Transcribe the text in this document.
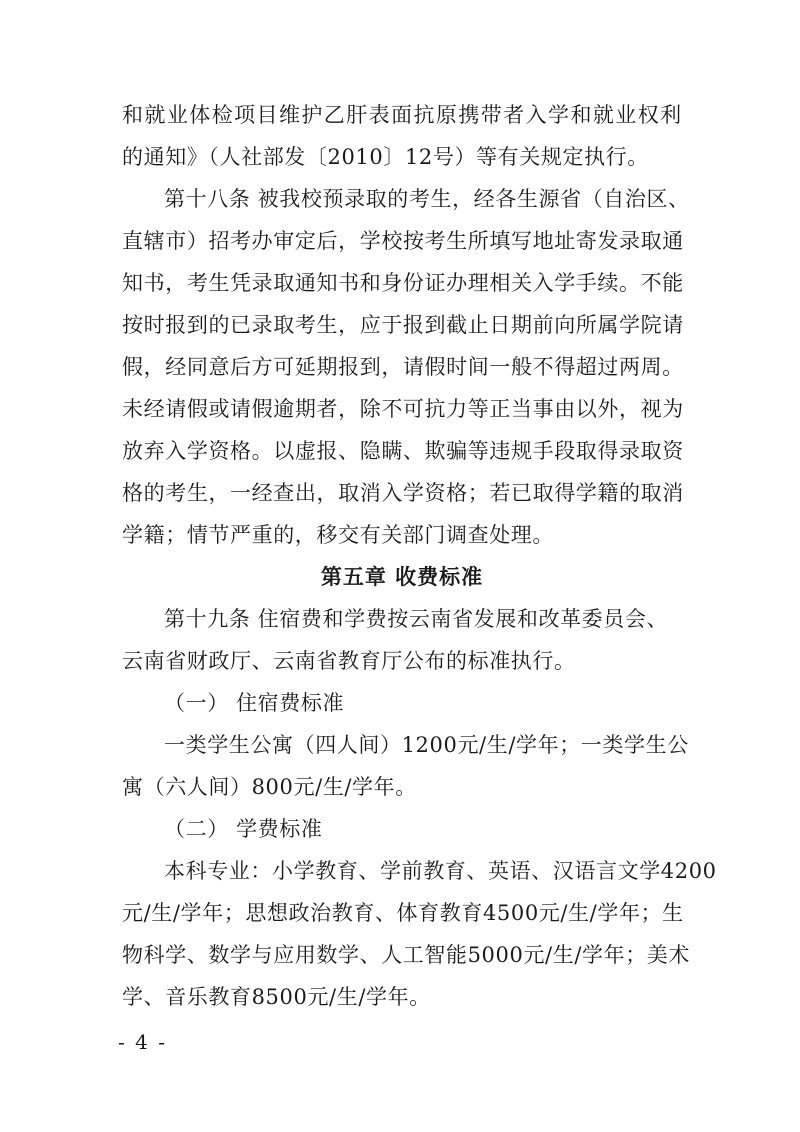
和 就 业 体 检 项 目 维 护 乙 肝 表 面 抗 原 携 带 者 入 学 和 就 业 权 利
的通知》（人社部发〔2010〕12号）等有关规定执行。
第十八条 被我校预录取的考生，经各生源省（自治区、
直 辖 市 ） 招 考 办 审 定 后 ， 学 校 按 考 生 所 填 写 地 址 寄 发 录 取 通
知 书 ， 考 生 凭 录 取 通 知 书 和 身 份 证 办 理 相 关 入 学 手 续 。 不 能
按 时 报 到 的 已 录 取 考 生 ， 应 于 报 到 截 止 日 期 前 向 所 属 学 院 请
假 ， 经 同 意 后 方 可 延 期 报 到 ， 请 假 时 间 一 般 不 得 超 过 两 周 。
未 经 请 假 或 请 假 逾 期 者 ， 除 不 可 抗 力 等 正 当 事 由 以 外 ， 视 为
放 弃 入 学 资 格 。 以 虚 报 、 隐 瞒 、 欺 骗 等 违 规 手 段 取 得 录 取 资
格 的 考 生 ， 一 经 查 出 ， 取 消 入 学 资 格 ； 若 已 取 得 学 籍 的 取 消
学籍；情节严重的，移交有关部门调查处理。
第五章 收费标准
第十九条 住宿费和学费按云南省发展和改革委员会、
云南省财政厅、云南省教育厅公布的标准执行。
（一） 住宿费标准
一类学生公寓（四人间）1200元/生/学年；一类学生公
寓（六人间）800元/生/学年。
（二） 学费标准
本科专业：小学教育、学前教育、英语、汉语言文学4200
元/生/学年；思想政治教育、体育教育4500元/生/学年；生
物科学、数学与应用数学、人工智能5000元/生/学年；美术
学、音乐教育8500元/生/学年。
- 4 -
